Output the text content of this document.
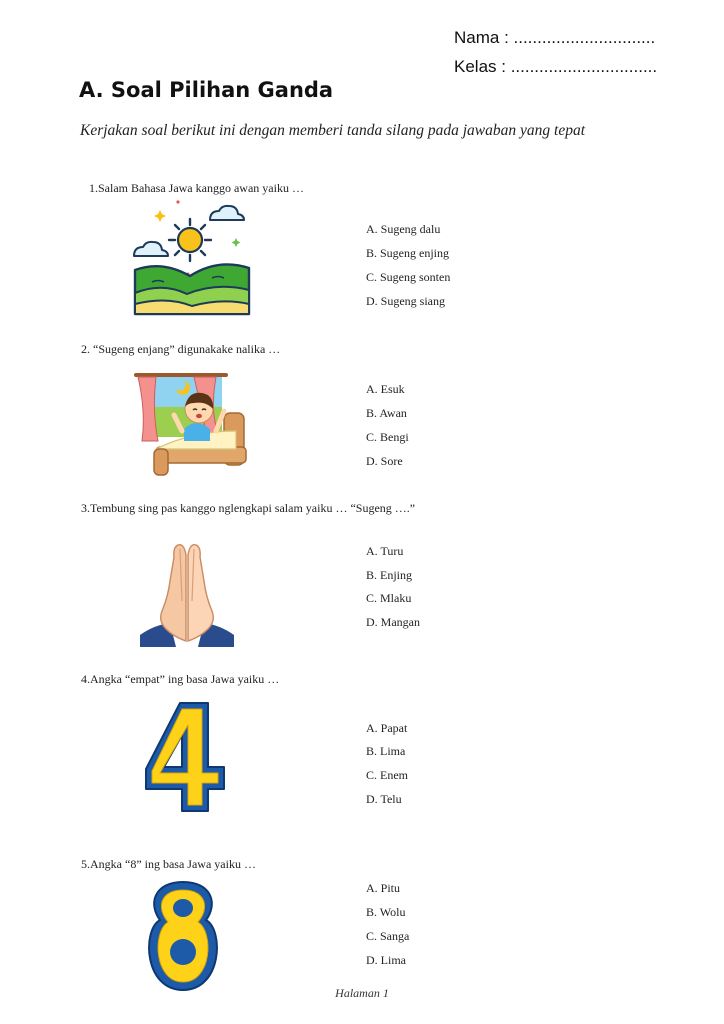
Nama : ..............................
Kelas : ...............................
A. Soal Pilihan Ganda
Kerjakan soal berikut ini dengan memberi tanda silang pada jawaban yang tepat
1.Salam Bahasa Jawa kanggo awan yaiku …
A. Sugeng dalu
B. Sugeng enjing
C. Sugeng sonten
D. Sugeng siang
2. “Sugeng enjang” digunakake nalika …
A. Esuk
B. Awan
C. Bengi
D. Sore
3.Tembung sing pas kanggo nglengkapi salam yaiku … “Sugeng ….”
A. Turu
B. Enjing
C. Mlaku
D. Mangan
4.Angka “empat” ing basa Jawa yaiku …
A. Papat
B. Lima
C. Enem
D. Telu
5.Angka “8” ing basa Jawa yaiku …
A. Pitu
B. Wolu
C. Sanga
D. Lima
Halaman 1
